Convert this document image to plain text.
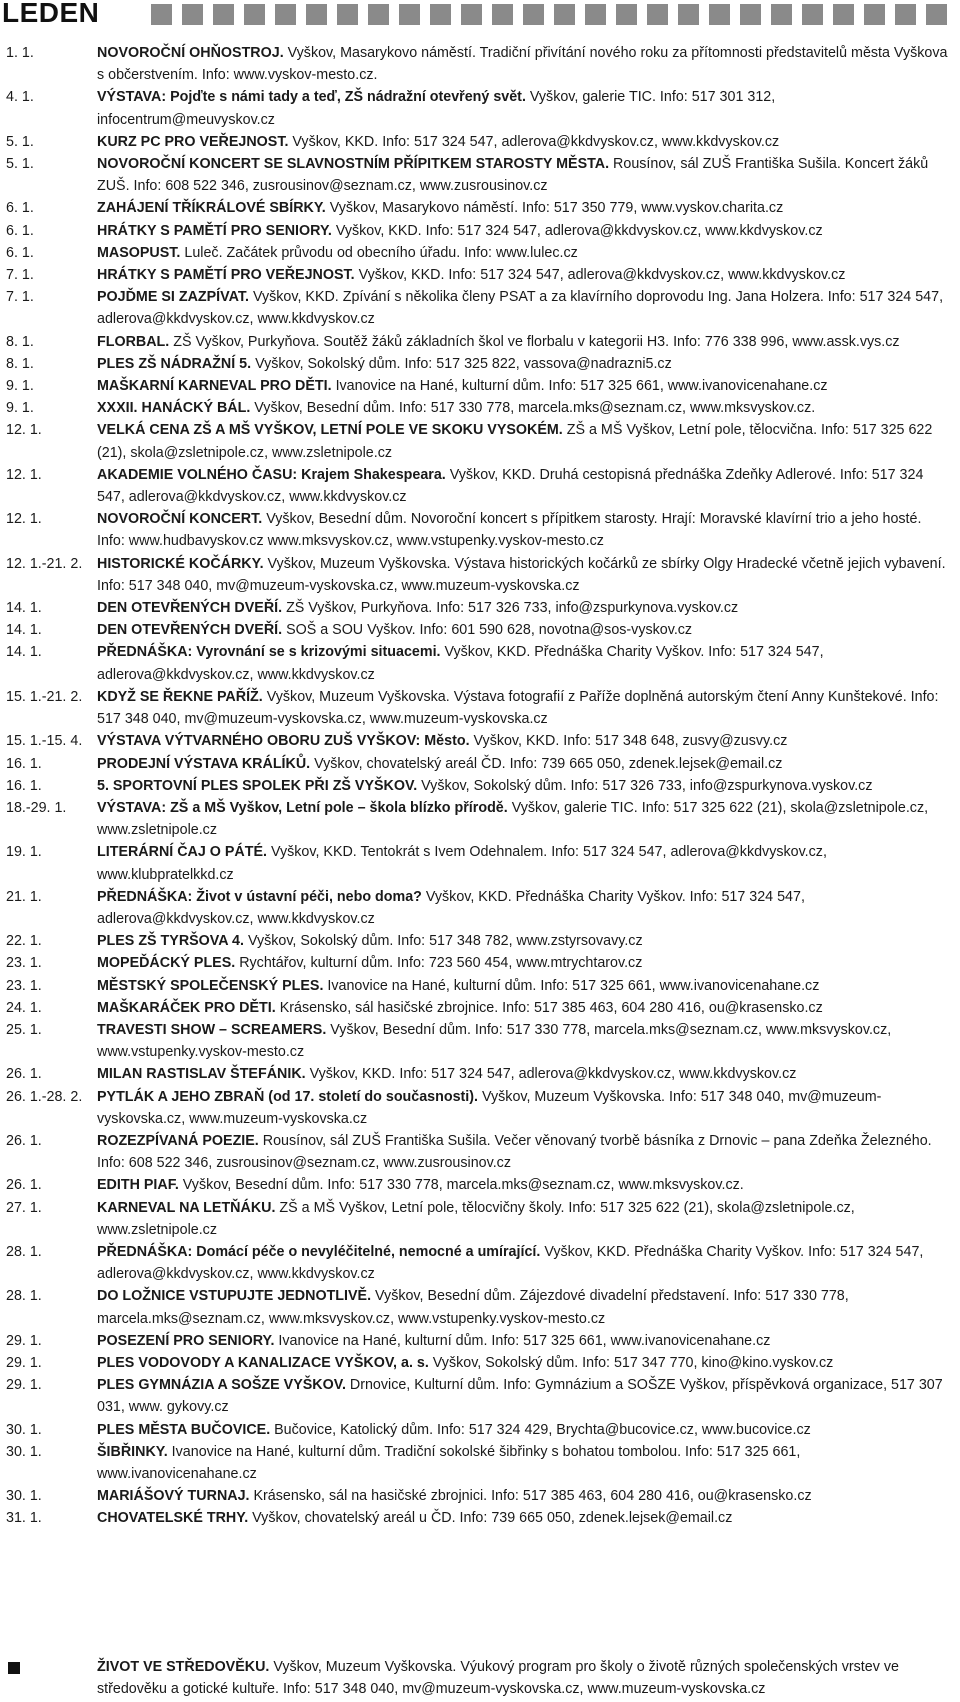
LEDEN
1. 1.	NOVOROČNÍ OHŇOSTROJ. Vyškov, Masarykovo náměstí. Tradiční přivítání nového roku za přítomnosti představitelů města Vyškova s občerstvením. Info: www.vyskov-mesto.cz.
4. 1.	VÝSTAVA: Pojďte s námi tady a teď, ZŠ nádražní otevřený svět. Vyškov, galerie TIC. Info: 517 301 312, infocentrum@meuvyskov.cz
5. 1.	KURZ PC PRO VEŘEJNOST. Vyškov, KKD. Info: 517 324 547, adlerova@kkdvyskov.cz, www.kkdvyskov.cz
5. 1.	NOVOROČNÍ KONCERT SE SLAVNOSTNÍM PŘÍPITKEM STAROSTY MĚSTA. Rousínov, sál ZUŠ Františka Sušila. Koncert žáků ZUŠ. Info: 608 522 346, zusrousinov@seznam.cz, www.zusrousinov.cz
6. 1.	ZAHÁJENÍ TŘÍKRÁLOVÉ SBÍRKY. Vyškov, Masarykovo náměstí. Info: 517 350 779, www.vyskov.charita.cz
6. 1.	HRÁTKY S PAMĚTÍ PRO SENIORY. Vyškov, KKD. Info: 517 324 547, adlerova@kkdvyskov.cz, www.kkdvyskov.cz
6. 1.	MASOPUST. Luleč. Začátek průvodu od obecního úřadu. Info: www.lulec.cz
7. 1.	HRÁTKY S PAMĚTÍ PRO VEŘEJNOST. Vyškov, KKD. Info: 517 324 547, adlerova@kkdvyskov.cz, www.kkdvyskov.cz
7. 1.	POJĎME SI ZAZPÍVAT. Vyškov, KKD. Zpívání s několika členy PSAT a za klavírního doprovodu Ing. Jana Holzera. Info: 517 324 547, adlerova@kkdvyskov.cz, www.kkdvyskov.cz
8. 1.	FLORBAL. ZŠ Vyškov, Purkyňova. Soutěž žáků základních škol ve florbalu v kategorii H3. Info: 776 338 996, www.assk.vys.cz
8. 1.	PLES ZŠ NÁDRAŽNÍ 5. Vyškov, Sokolský dům. Info: 517 325 822, vassova@nadrazni5.cz
9. 1.	MAŠKARNÍ KARNEVAL PRO DĚTI. Ivanovice na Hané, kulturní dům. Info: 517 325 661, www.ivanovicenahane.cz
9. 1.	XXXII. HANÁCKÝ BÁL. Vyškov, Besední dům. Info: 517 330 778, marcela.mks@seznam.cz, www.mksvyskov.cz.
12. 1.	VELKÁ CENA ZŠ A MŠ VYŠKOV, LETNÍ POLE VE SKOKU VYSOKÉM. ZŠ a MŠ Vyškov, Letní pole, tělocvična. Info: 517 325 622 (21), skola@zsletnipole.cz, www.zsletnipole.cz
12. 1.	AKADEMIE VOLNÉHO ČASU: Krajem Shakespeara. Vyškov, KKD. Druhá cestopisná přednáška Zdeňky Adlerové. Info: 517 324 547, adlerova@kkdvyskov.cz, www.kkdvyskov.cz
12. 1.	NOVOROČNÍ KONCERT. Vyškov, Besední dům. Novoroční koncert s přípitkem starosty. Hrají: Moravské klavírní trio a jeho hosté. Info: www.hudbavyskov.cz www.mksvyskov.cz, www.vstupenky.vyskov-mesto.cz
12. 1.-21. 2.	HISTORICKÉ KOČÁRKY. Vyškov, Muzeum Vyškovska. Výstava historických kočárků ze sbírky Olgy Hradecké včetně jejich vybavení. Info: 517 348 040, mv@muzeum-vyskovska.cz, www.muzeum-vyskovska.cz
14. 1.	DEN OTEVŘENÝCH DVEŘÍ. ZŠ Vyškov, Purkyňova. Info: 517 326 733, info@zspurkynova.vyskov.cz
14. 1.	DEN OTEVŘENÝCH DVEŘÍ. SOŠ a SOU Vyškov. Info: 601 590 628, novotna@sos-vyskov.cz
14. 1.	PŘEDNÁŠKA: Vyrovnání se s krizovými situacemi. Vyškov, KKD. Přednáška Charity Vyškov. Info: 517 324 547, adlerova@kkdvyskov.cz, www.kkdvyskov.cz
15. 1.-21. 2.	KDYŽ SE ŘEKNE PAŘÍŽ. Vyškov, Muzeum Vyškovska. Výstava fotografií z Paříže doplněná autorským čtení Anny Kunštekové. Info: 517 348 040, mv@muzeum-vyskovska.cz, www.muzeum-vyskovska.cz
15. 1.-15. 4.	VÝSTAVA VÝTVARNÉHO OBORU ZUŠ VYŠKOV: Město. Vyškov, KKD. Info: 517 348 648, zusvy@zusvy.cz
16. 1.	PRODEJNÍ VÝSTAVA KRÁLÍKŮ. Vyškov, chovatelský areál ČD. Info: 739 665 050, zdenek.lejsek@email.cz
16. 1.	5. SPORTOVNÍ PLES SPOLEK PŘI ZŠ VYŠKOV. Vyškov, Sokolský dům. Info: 517 326 733, info@zspurkynova.vyskov.cz
18.-29. 1.	VÝSTAVA: ZŠ a MŠ Vyškov, Letní pole – škola blízko přírodě. Vyškov, galerie TIC. Info: 517 325 622 (21), skola@zsletnipole.cz, www.zsletnipole.cz
19. 1.	LITERÁRNÍ ČAJ O PÁTÉ. Vyškov, KKD. Tentokrát s Ivem Odehnalem. Info: 517 324 547, adlerova@kkdvyskov.cz, www.klubpratelkkd.cz
21. 1.	PŘEDNÁŠKA: Život v ústavní péči, nebo doma? Vyškov, KKD. Přednáška Charity Vyškov. Info: 517 324 547, adlerova@kkdvyskov.cz, www.kkdvyskov.cz
22. 1.	PLES ZŠ TYRŠOVA 4. Vyškov, Sokolský dům. Info: 517 348 782, www.zstyrsovavy.cz
23. 1.	MOPEĎÁCKÝ PLES. Rychtářov, kulturní dům. Info: 723 560 454, www.mtrychtarov.cz
23. 1.	MĚSTSKÝ SPOLEČENSKÝ PLES. Ivanovice na Hané, kulturní dům. Info: 517 325 661, www.ivanovicenahane.cz
24. 1.	MAŠKARÁČEK PRO DĚTI. Krásensko, sál hasičské zbrojnice. Info: 517 385 463, 604 280 416, ou@krasensko.cz
25. 1.	TRAVESTI SHOW – SCREAMERS. Vyškov, Besední dům. Info: 517 330 778, marcela.mks@seznam.cz, www.mksvyskov.cz, www.vstupenky.vyskov-mesto.cz
26. 1.	MILAN RASTISLAV ŠTEFÁNIK. Vyškov, KKD. Info: 517 324 547, adlerova@kkdvyskov.cz, www.kkdvyskov.cz
26. 1.-28. 2.	PYTLÁK A JEHO ZBRAŇ (od 17. století do současnosti). Vyškov, Muzeum Vyškovska. Info: 517 348 040, mv@muzeum-vyskovska.cz, www.muzeum-vyskovska.cz
26. 1.	ROZEZPÍVANÁ POEZIE. Rousínov, sál ZUŠ Františka Sušila. Večer věnovaný tvorbě básníka z Drnovic – pana Zdeňka Železného. Info: 608 522 346, zusrousinov@seznam.cz, www.zusrousinov.cz
26. 1.	EDITH PIAF. Vyškov, Besední dům. Info: 517 330 778, marcela.mks@seznam.cz, www.mksvyskov.cz.
27. 1.	KARNEVAL NA LETŇÁKU. ZŠ a MŠ Vyškov, Letní pole, tělocvičny školy. Info: 517 325 622 (21), skola@zsletnipole.cz, www.zsletnipole.cz
28. 1.	PŘEDNÁŠKA: Domácí péče o nevyléčitelné, nemocné a umírající. Vyškov, KKD. Přednáška Charity Vyškov. Info: 517 324 547, adlerova@kkdvyskov.cz, www.kkdvyskov.cz
28. 1.	DO LOŽNICE VSTUPUJTE JEDNOTLIVĚ. Vyškov, Besední dům. Zájezdové divadelní představení. Info: 517 330 778, marcela.mks@seznam.cz, www.mksvyskov.cz, www.vstupenky.vyskov-mesto.cz
29. 1.	POSEZENÍ PRO SENIORY. Ivanovice na Hané, kulturní dům. Info: 517 325 661, www.ivanovicenahane.cz
29. 1.	PLES VODOVODY A KANALIZACE VYŠKOV, a. s. Vyškov, Sokolský dům. Info: 517 347 770, kino@kino.vyskov.cz
29. 1.	PLES GYMNÁZIA A SOŠZE VYŠKOV. Drnovice, Kulturní dům. Info: Gymnázium a SOŠZE Vyškov, příspěvková organizace, 517 307 031, www. gykovy.cz
30. 1.	PLES MĚSTA BUČOVICE. Bučovice, Katolický dům. Info: 517 324 429, Brychta@bucovice.cz, www.bucovice.cz
30. 1.	ŠIBŘINKY. Ivanovice na Hané, kulturní dům. Tradiční sokolské šibřinky s bohatou tombolou. Info: 517 325 661, www.ivanovicenahane.cz
30. 1.	MARIÁŠOVÝ TURNAJ. Krásensko, sál na hasičské zbrojnici. Info: 517 385 463, 604 280 416, ou@krasensko.cz
31. 1.	CHOVATELSKÉ TRHY. Vyškov, chovatelský areál u ČD. Info: 739 665 050, zdenek.lejsek@email.cz
ŽIVOT VE STŘEDOVĚKU. Vyškov, Muzeum Vyškovska. Výukový program pro školy o životě různých společenských vrstev ve středověku a gotické kultuře. Info: 517 348 040, mv@muzeum-vyskovska.cz, www.muzeum-vyskovska.cz
